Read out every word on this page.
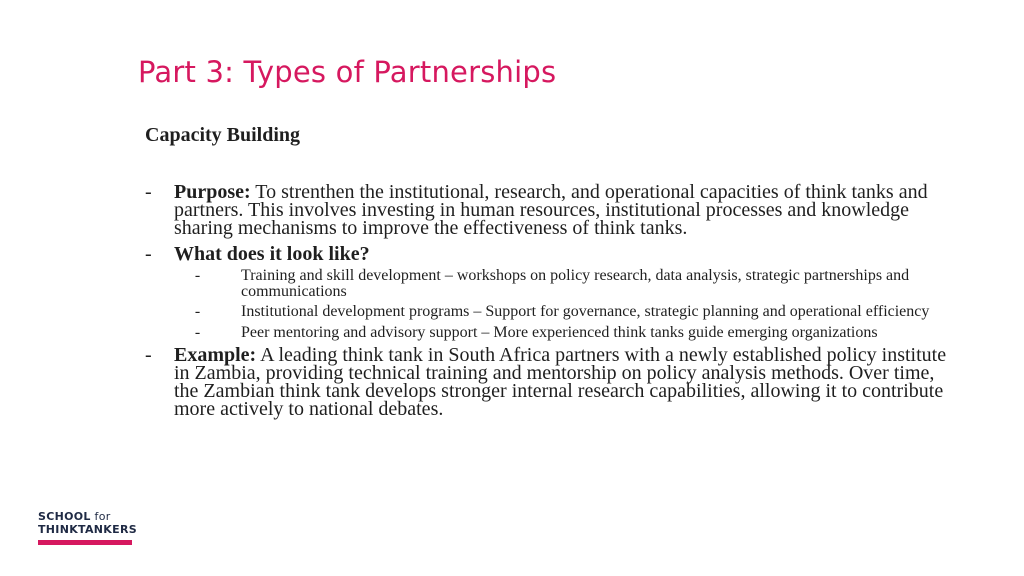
Part 3: Types of Partnerships
Capacity Building
- Purpose: To strenthen the institutional, research, and operational capacities of think tanks and partners. This involves investing in human resources, institutional processes and knowledge sharing mechanisms to improve the effectiveness of think tanks.
- What does it look like?
-	Training and skill development – workshops on policy research, data analysis, strategic partnerships and communications
-	Institutional development programs – Support for governance, strategic planning and operational efficiency
-	Peer mentoring and advisory support – More experienced think tanks guide emerging organizations
- Example: A leading think tank in South Africa partners with a newly established policy institute in Zambia, providing technical training and mentorship on policy analysis methods. Over time, the Zambian think tank develops stronger internal research capabilities, allowing it to contribute more actively to national debates.
SCHOOL for
THINKTANKERS
